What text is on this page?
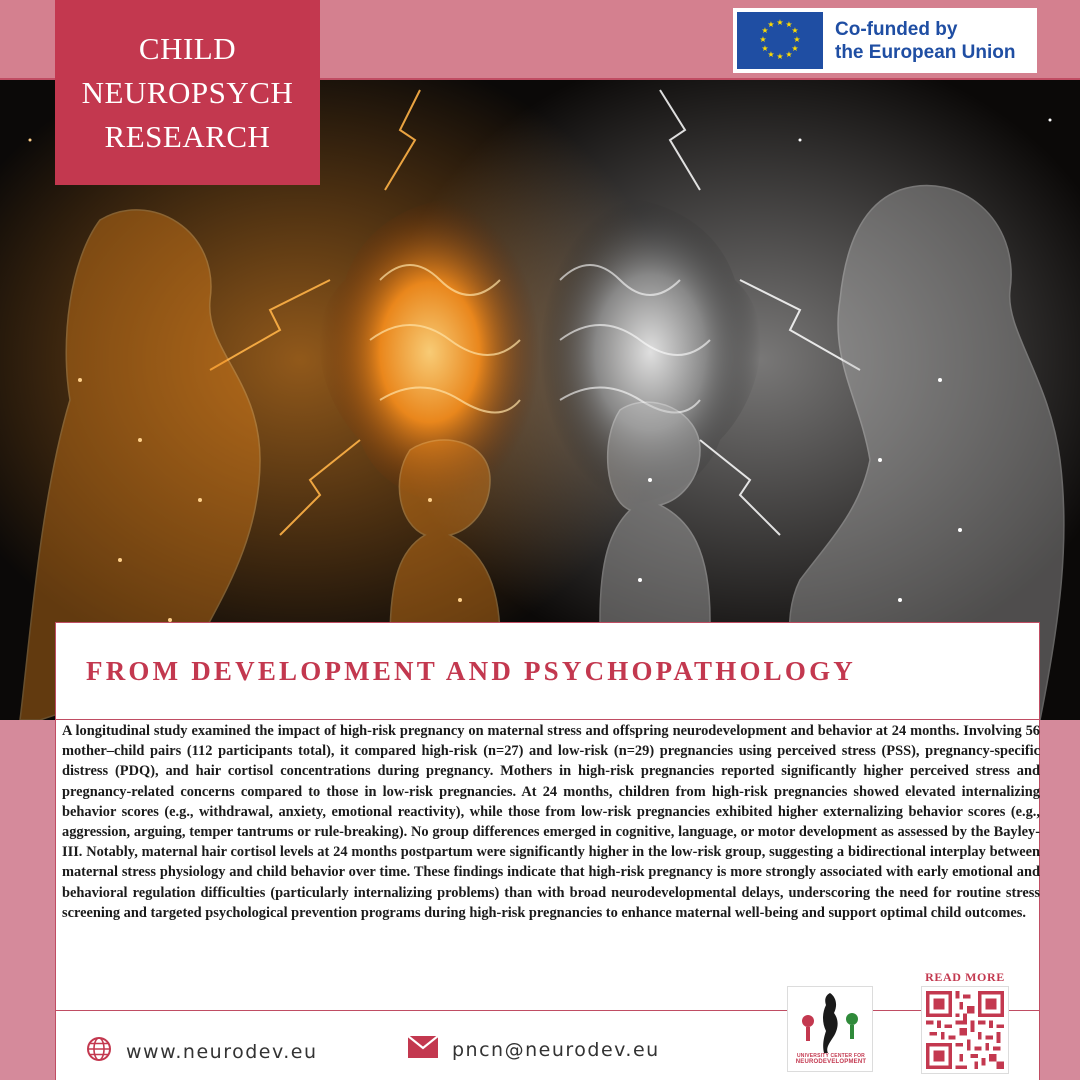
CHILD
NEUROPSYCH
RESEARCH
★ ★
★
★
★
★
★
★
★
★
★
★	Co-funded by
the European Union
FROM DEVELOPMENT AND PSYCHOPATHOLOGY

A longitudinal study examined the impact of high-risk pregnancy on maternal stress and offspring neurodevelopment and behavior at 24 months. Involving 56 mother–child pairs (112 participants total), it compared high-risk (n=27) and low-risk (n=29) pregnancies using perceived stress (PSS), pregnancy-specific distress (PDQ), and hair cortisol concentrations during pregnancy. Mothers in high-risk pregnancies reported significantly higher perceived stress and pregnancy-related concerns compared to those in low-risk pregnancies. At 24 months, children from high-risk pregnancies showed elevated internalizing behavior scores (e.g., withdrawal, anxiety, emotional reactivity), while those from low-risk pregnancies exhibited higher externalizing behavior scores (e.g., aggression, arguing, temper tantrums or rule-breaking). No group differences emerged in cognitive, language, or motor development as assessed by the Bayley-III. Notably, maternal hair cortisol levels at 24 months postpartum were significantly higher in the low-risk group, suggesting a bidirectional interplay between maternal stress physiology and child behavior over time. These findings indicate that high-risk pregnancy is more strongly associated with early emotional and behavioral regulation difficulties (particularly internalizing problems) than with broad neurodevelopmental delays, underscoring the need for routine stress screening and targeted psychological prevention programs during high-risk pregnancies to enhance maternal well-being and support optimal child outcomes.

www.neurodev.eu	pncn@neurodev.eu	UNIVERSITY CENTER FOR
NEURODEVELOPMENT
READ MORE
